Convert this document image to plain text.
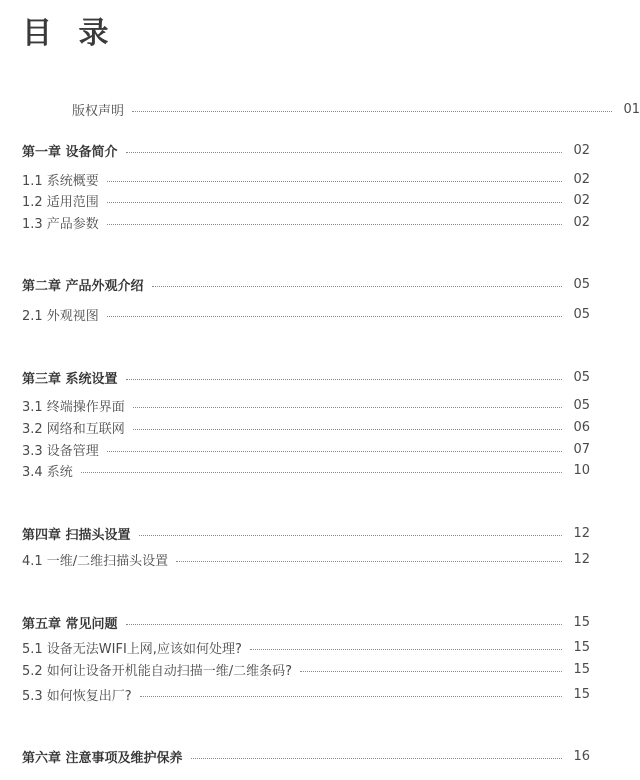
目 录
版权声明	01
第一章 设备简介	02
1.1 系统概要	02
1.2 适用范围	02
1.3 产品参数	02
第二章 产品外观介绍	05
2.1 外观视图	05
第三章 系统设置	05
3.1 终端操作界面	05
3.2 网络和互联网	06
3.3 设备管理	07
3.4 系统	10
第四章 扫描头设置	12
4.1 一维/二维扫描头设置	12
第五章 常见问题	15
5.1 设备无法WIFI上网,应该如何处理?	15
5.2 如何让设备开机能自动扫描一维/二维条码?	15
5.3 如何恢复出厂?	15
第六章 注意事项及维护保养	16
